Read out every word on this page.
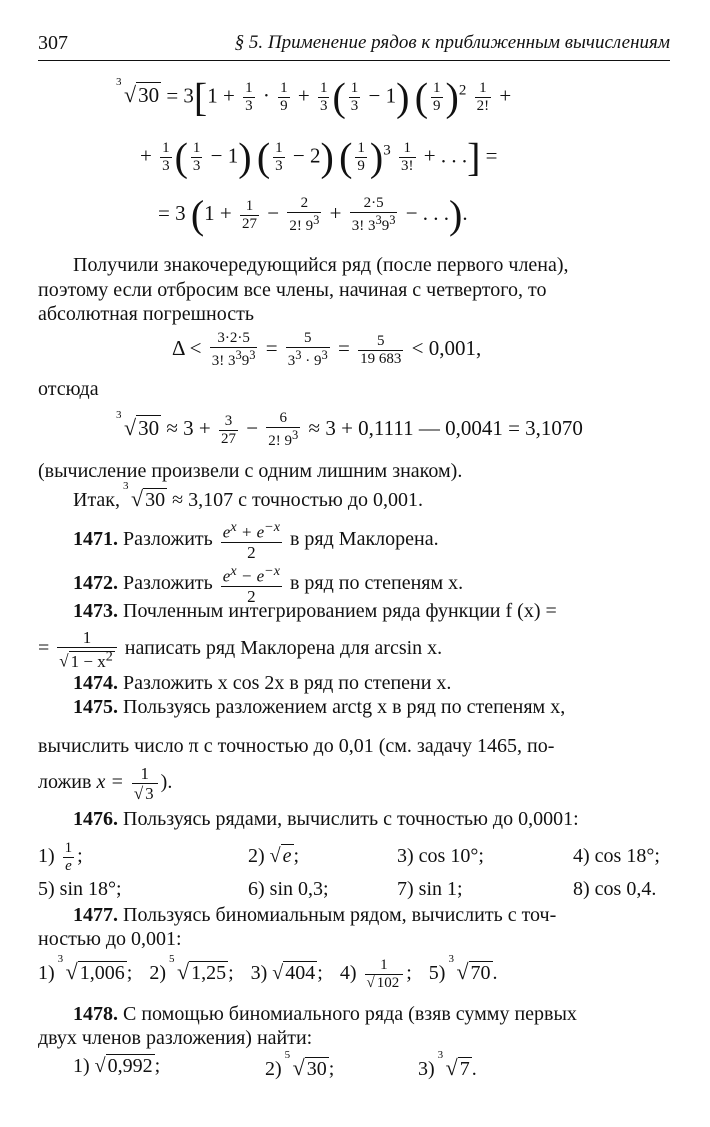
307	§ 5. Применение рядов к приближенным вычислениям
3 $√30 = 3[1 + \frac{1}{3} \cdot \frac{1}{9} + \frac{1}{3}$ ( $\frac{1}{3} - 1$) ( $\frac{1}{9} )^2 \frac{1}{2!}$ +
+ $\frac{1}{3}$ ( $\frac{1}{3} - 1$) ( $\frac{1}{3} - 2$) ( $\frac{1}{9} )^3 \frac{1}{3!}$ + . . .] =
= 3 ($1 + \frac{1}{27} - \frac{2}{2! 9^3} + \frac{2\cdot 5}{3! 3^39^3}$ − . . .).
Получили знакочередующийся ряд (после первого члена),
поэтому если отбросим все члены, начиная с четвертого, то
абсолютная погрешность
$\Delta < \frac{3\cdot 2\cdot 5}{3! 3^39^3} = \frac{5}{3^3 \cdot 9^3} = \frac{5}{19 683} < 0,001$,
отсюда
3 $√30 \approx 3 + \frac{3}{27} - \frac{6}{2! 9^3} \approx 3 + 0,1111$ — 0,0041 = 3,1070
(вычисление произвели с одним лишним знаком).
Итак,
3 √ 30 ≈ 3,107 с точностью до 0,001.
1471. Разложить $\frac{e^x + e^{-x}}{2}$ в ряд Маклорена.
1472. Разложить $\frac{e^x - e^{-x}}{2}$ в ряд по степеням x.
1473. Почленным интегрированием ряда функции f (x) =
= $\frac{1}{√ 1 - x^2}$ написать ряд Маклорена для arcsin x.
1474. Разложить x cos 2x в ряд по степени x.
1475. Пользуясь разложением arctg x в ряд по степеням x,
вычислить число π с точностью до 0,01 (см. задачу 1465, по-
ложив $x = \frac{1}{√ 3}$ ).
1476. Пользуясь рядами, вычислить с точностью до 0,0001:
$1) \frac{1}{e}$ ;	2) √ e ;	3) cos 10°;	4) cos 18°;
5) sin 18°;	6) sin 0,3;	7) sin 1;	8) cos 0,4.
1477. Пользуясь биномиальным рядом, вычислить с точ-
ностью до 0,001:
1)
3 √ 1,006 ; 2)
5 √ 1,25 ; 3) √ 404 ; $4) \frac{1}{√ 102}$ ; 5)
3 √ 70 .
1478. С помощью биномиального ряда (взяв сумму первых
двух членов разложения) найти:
1) √ 0,992 ;	2)
5 √ 30 ;	3)
3 √ 7 .
